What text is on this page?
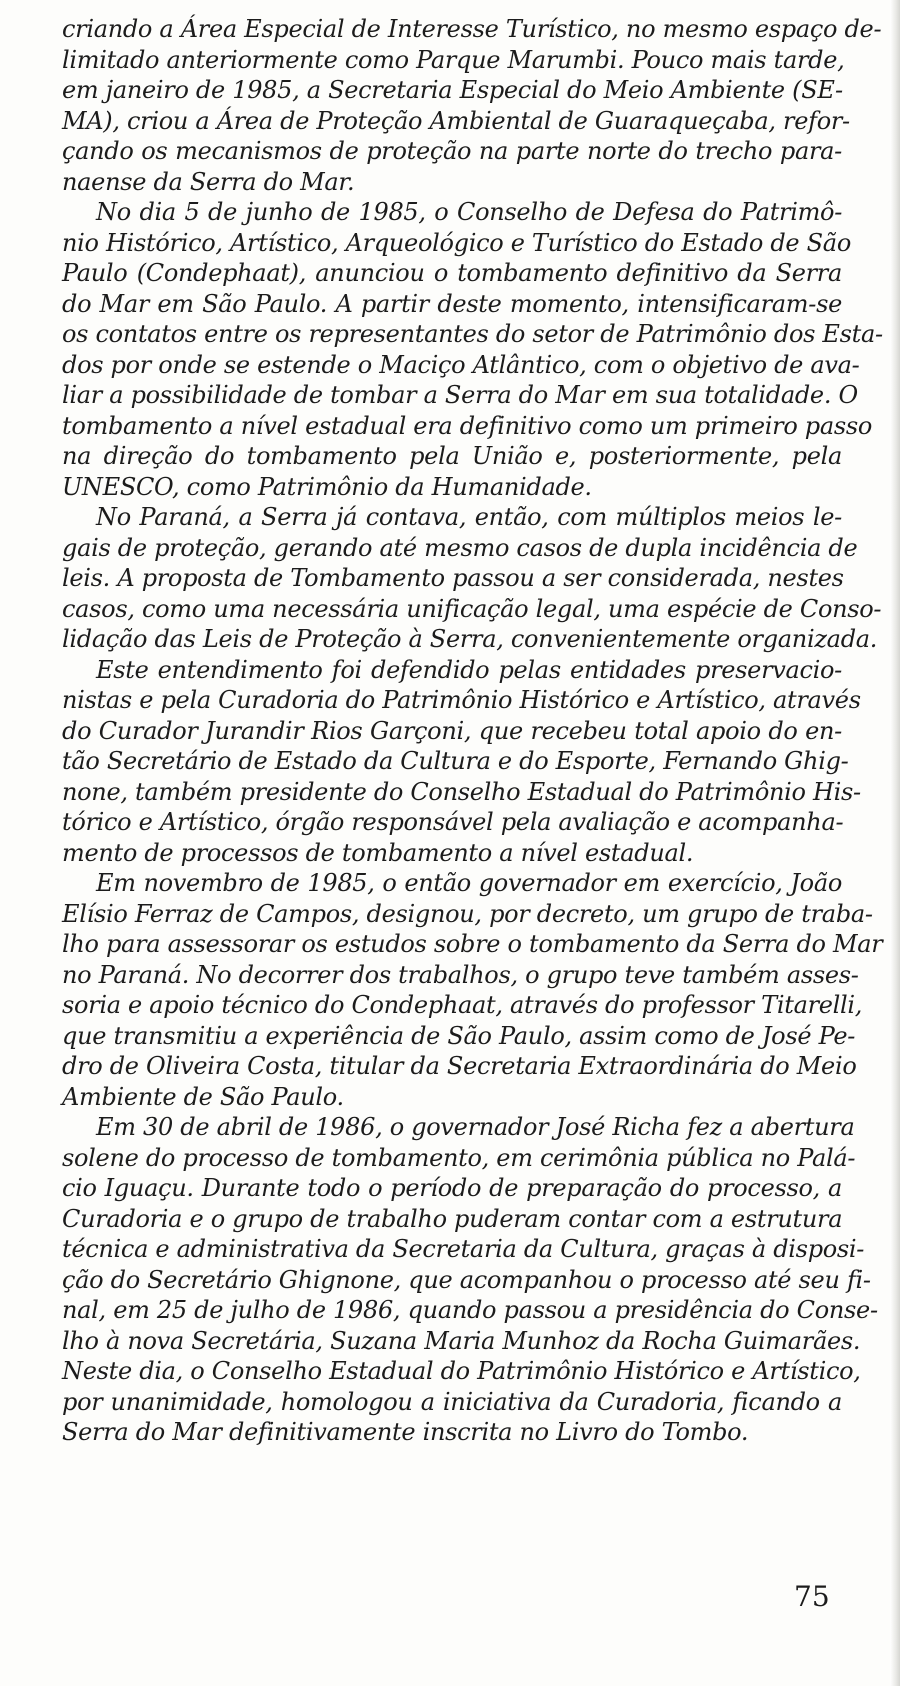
criando a Área Especial de Interesse Turístico, no mesmo espaço de-
limitado anteriormente como Parque Marumbi. Pouco mais tarde,
em janeiro de 1985, a Secretaria Especial do Meio Ambiente (SE-
MA), criou a Área de Proteção Ambiental de Guaraqueçaba, refor-
çando os mecanismos de proteção na parte norte do trecho para-
naense da Serra do Mar.
No dia 5 de junho de 1985, o Conselho de Defesa do Patrimô-
nio Histórico, Artístico, Arqueológico e Turístico do Estado de São
Paulo (Condephaat), anunciou o tombamento definitivo da Serra
do Mar em São Paulo. A partir deste momento, intensificaram-se
os contatos entre os representantes do setor de Patrimônio dos Esta-
dos por onde se estende o Maciço Atlântico, com o objetivo de ava-
liar a possibilidade de tombar a Serra do Mar em sua totalidade. O
tombamento a nível estadual era definitivo como um primeiro passo
na direção do tombamento pela União e, posteriormente, pela
UNESCO, como Patrimônio da Humanidade.
No Paraná, a Serra já contava, então, com múltiplos meios le-
gais de proteção, gerando até mesmo casos de dupla incidência de
leis. A proposta de Tombamento passou a ser considerada, nestes
casos, como uma necessária unificação legal, uma espécie de Conso-
lidação das Leis de Proteção à Serra, convenientemente organizada.
Este entendimento foi defendido pelas entidades preservacio-
nistas e pela Curadoria do Patrimônio Histórico e Artístico, através
do Curador Jurandir Rios Garçoni, que recebeu total apoio do en-
tão Secretário de Estado da Cultura e do Esporte, Fernando Ghig-
none, também presidente do Conselho Estadual do Patrimônio His-
tórico e Artístico, órgão responsável pela avaliação e acompanha-
mento de processos de tombamento a nível estadual.
Em novembro de 1985, o então governador em exercício, João
Elísio Ferraz de Campos, designou, por decreto, um grupo de traba-
lho para assessorar os estudos sobre o tombamento da Serra do Mar
no Paraná. No decorrer dos trabalhos, o grupo teve também asses-
soria e apoio técnico do Condephaat, através do professor Titarelli,
que transmitiu a experiência de São Paulo, assim como de José Pe-
dro de Oliveira Costa, titular da Secretaria Extraordinária do Meio
Ambiente de São Paulo.
Em 30 de abril de 1986, o governador José Richa fez a abertura
solene do processo de tombamento, em cerimônia pública no Palá-
cio Iguaçu. Durante todo o período de preparação do processo, a
Curadoria e o grupo de trabalho puderam contar com a estrutura
técnica e administrativa da Secretaria da Cultura, graças à disposi-
ção do Secretário Ghignone, que acompanhou o processo até seu fi-
nal, em 25 de julho de 1986, quando passou a presidência do Conse-
lho à nova Secretária, Suzana Maria Munhoz da Rocha Guimarães.
Neste dia, o Conselho Estadual do Patrimônio Histórico e Artístico,
por unanimidade, homologou a iniciativa da Curadoria, ficando a
Serra do Mar definitivamente inscrita no Livro do Tombo.
75
